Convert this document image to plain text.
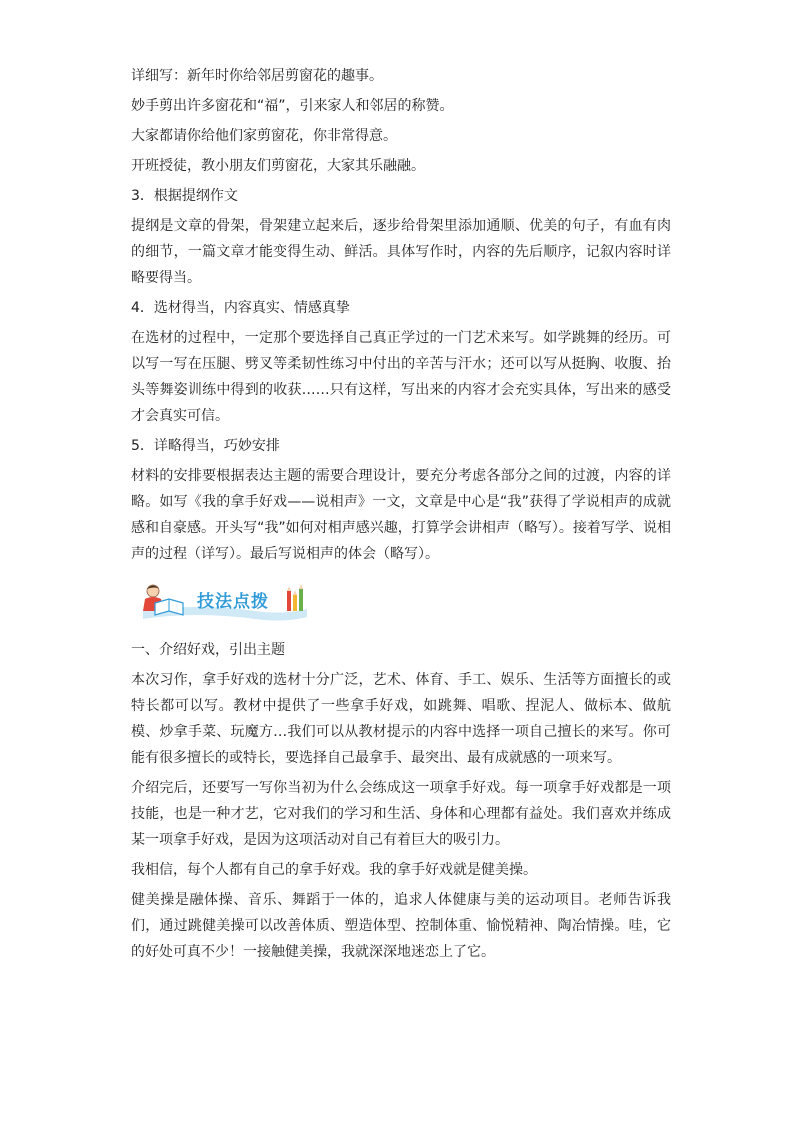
详细写：新年时你给邻居剪窗花的趣事。

妙手剪出许多窗花和“福”，引来家人和邻居的称赞。

大家都请你给他们家剪窗花，你非常得意。

开班授徒，教小朋友们剪窗花，大家其乐融融。

3．根据提纲作文

提纲是文章的骨架，骨架建立起来后，逐步给骨架里添加通顺、优美的句子，有血有肉的细节，一篇文章才能变得生动、鲜活。具体写作时，内容的先后顺序，记叙内容时详略要得当。

4．选材得当，内容真实、情感真挚

在选材的过程中，一定那个要选择自己真正学过的一门艺术来写。如学跳舞的经历。可以写一写在压腿、劈叉等柔韧性练习中付出的辛苦与汗水；还可以写从挺胸、收腹、抬头等舞姿训练中得到的收获……只有这样，写出来的内容才会充实具体，写出来的感受才会真实可信。

5．详略得当，巧妙安排

材料的安排要根据表达主题的需要合理设计，要充分考虑各部分之间的过渡，内容的详略。如写《我的拿手好戏——说相声》一文，文章是中心是“我”获得了学说相声的成就感和自豪感。开头写“我”如何对相声感兴趣，打算学会讲相声（略写）。接着写学、说相声的过程（详写）。最后写说相声的体会（略写）。

技法点拨

一、介绍好戏，引出主题

本次习作，拿手好戏的选材十分广泛，艺术、体育、手工、娱乐、生活等方面擅长的或特长都可以写。教材中提供了一些拿手好戏，如跳舞、唱歌、捏泥人、做标本、做航模、炒拿手菜、玩魔方…我们可以从教材提示的内容中选择一项自己擅长的来写。你可能有很多擅长的或特长，要选择自己最拿手、最突出、最有成就感的一项来写。

介绍完后，还要写一写你当初为什么会练成这一项拿手好戏。每一项拿手好戏都是一项技能，也是一种才艺，它对我们的学习和生活、身体和心理都有益处。我们喜欢并练成某一项拿手好戏，是因为这项活动对自己有着巨大的吸引力。

我相信，每个人都有自己的拿手好戏。我的拿手好戏就是健美操。

健美操是融体操、音乐、舞蹈于一体的，追求人体健康与美的运动项目。老师告诉我们，通过跳健美操可以改善体质、塑造体型、控制体重、愉悦精神、陶冶情操。哇，它的好处可真不少！一接触健美操，我就深深地迷恋上了它。
